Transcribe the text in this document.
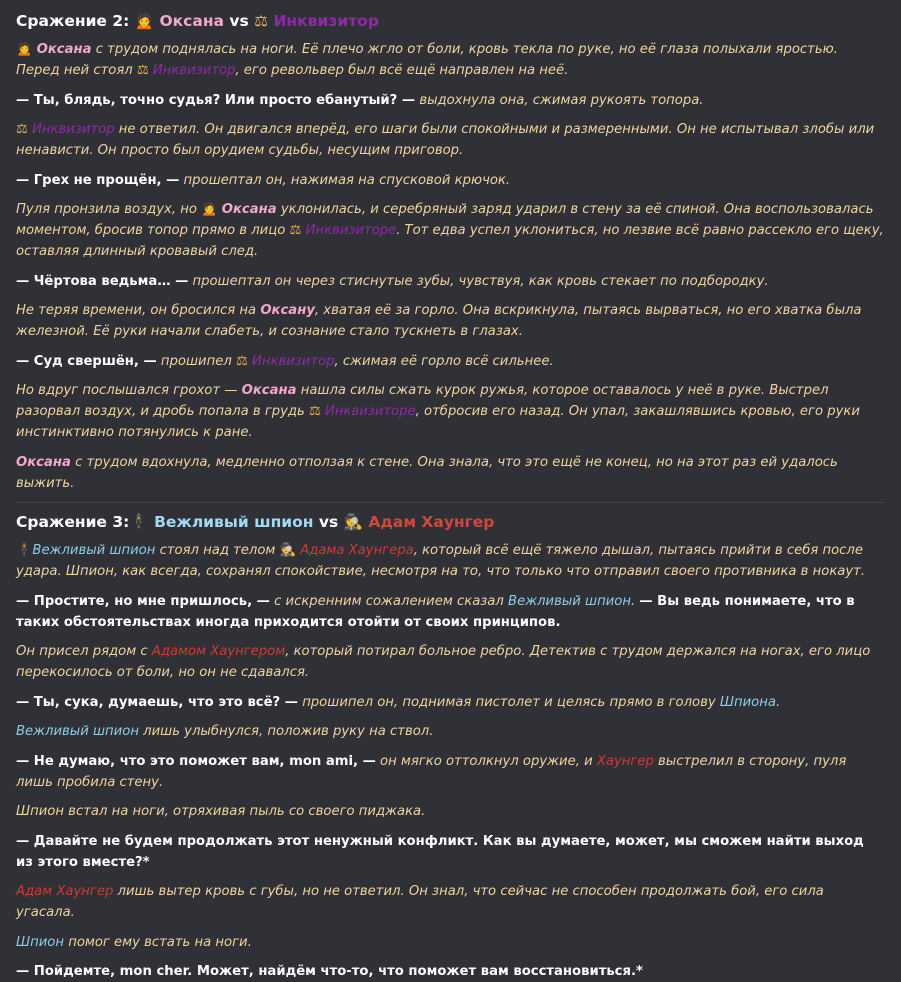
Сражение 2: 🙍 Оксана vs ⚖ Инквизитор

🙍 Оксана с трудом поднялась на ноги. Её плечо жгло от боли, кровь текла по руке, но её глаза полыхали яростью. Перед ней стоял ⚖ Инквизитор, его револьвер был всё ещё направлен на неё.

— Ты, блядь, точно судья? Или просто ебанутый? — выдохнула она, сжимая рукоять топора.

⚖ Инквизитор не ответил. Он двигался вперёд, его шаги были спокойными и размеренными. Он не испытывал злобы или ненависти. Он просто был орудием судьбы, несущим приговор.

— Грех не прощён, — прошептал он, нажимая на спусковой крючок.

Пуля пронзила воздух, но 🙍 Оксана уклонилась, и серебряный заряд ударил в стену за её спиной. Она воспользовалась моментом, бросив топор прямо в лицо ⚖ Инквизиторе. Тот едва успел уклониться, но лезвие всё равно рассекло его щеку, оставляя длинный кровавый след.

— Чёртова ведьма… — прошептал он через стиснутые зубы, чувствуя, как кровь стекает по подбородку.

Не теряя времени, он бросился на Оксану, хватая её за горло. Она вскрикнула, пытаясь вырваться, но его хватка была железной. Её руки начали слабеть, и сознание стало тускнеть в глазах.

— Суд свершён, — прошипел ⚖ Инквизитор, сжимая её горло всё сильнее.

Но вдруг послышался грохот — Оксана нашла силы сжать курок ружья, которое оставалось у неё в руке. Выстрел разорвал воздух, и дробь попала в грудь ⚖ Инквизиторе, отбросив его назад. Он упал, закашлявшись кровью, его руки инстинктивно потянулись к ране.

Оксана с трудом вдохнула, медленно отползая к стене. Она знала, что это ещё не конец, но на этот раз ей удалось выжить.

Сражение 3: 🕴 Вежливый шпион vs 🕵 Адам Хаунгер

🕴Вежливый шпион стоял над телом 🕵 Адама Хаунгера, который всё ещё тяжело дышал, пытаясь прийти в себя после удара. Шпион, как всегда, сохранял спокойствие, несмотря на то, что только что отправил своего противника в нокаут.

— Простите, но мне пришлось, — с искренним сожалением сказал Вежливый шпион. — Вы ведь понимаете, что в таких обстоятельствах иногда приходится отойти от своих принципов.

Он присел рядом с Адамом Хаунгером, который потирал больное ребро. Детектив с трудом держался на ногах, его лицо перекосилось от боли, но он не сдавался.

— Ты, сука, думаешь, что это всё? — прошипел он, поднимая пистолет и целясь прямо в голову Шпиона.

Вежливый шпион лишь улыбнулся, положив руку на ствол.

— Не думаю, что это поможет вам, mon ami, — он мягко оттолкнул оружие, и Хаунгер выстрелил в сторону, пуля лишь пробила стену.

Шпион встал на ноги, отряхивая пыль со своего пиджака.

— Давайте не будем продолжать этот ненужный конфликт. Как вы думаете, может, мы сможем найти выход из этого вместе?*

Адам Хаунгер лишь вытер кровь с губы, но не ответил. Он знал, что сейчас не способен продолжать бой, его сила угасала.

Шпион помог ему встать на ноги.

— Пойдемте, mon cher. Может, найдём что-то, что поможет вам восстановиться.*
